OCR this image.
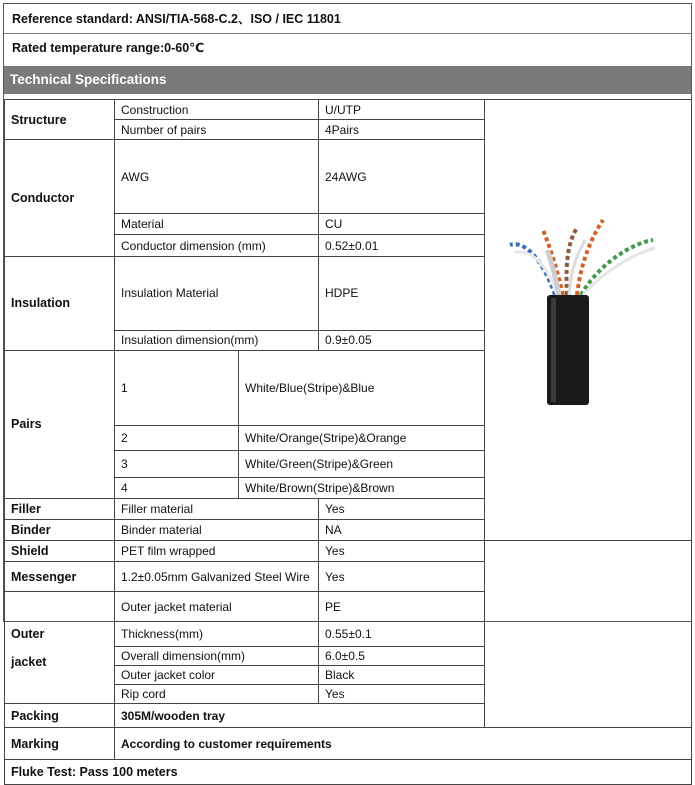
Reference standard: ANSI/TIA-568-C.2、ISO / IEC 11801
Rated temperature range:0-60℃
Technical Specifications
Structure	Construction		U/UTP	

	Number of pairs		4Pairs	
Conductor	AWG		24AWG	
	Material		CU	
	Conductor dimension (mm)		0.52±0.01	
Insulation	Insulation Material		HDPE	
	Insulation dimension(mm)		0.9±0.05	
Pairs	1	White/Blue(Stripe)&Blue		
	2	White/Orange(Stripe)&Orange		
	3	White/Green(Stripe)&Green		
	4	White/Brown(Stripe)&Brown		
Filler	Filler material		Yes	
Binder	Binder material		NA	
Shield	PET film wrapped		Yes	
Messenger	1.2±0.05mm Galvanized Steel Wire		Yes	

Outer
jacket	Outer jacket material		PE	
	Thickness(mm)		0.55±0.1	
	Overall dimension(mm)		6.0±0.5	
	Outer jacket color		Black	
	Rip cord		Yes	
Packing	305M/wooden tray			
Marking	According to customer requirements			
Fluke Test: Pass 100 meters				
